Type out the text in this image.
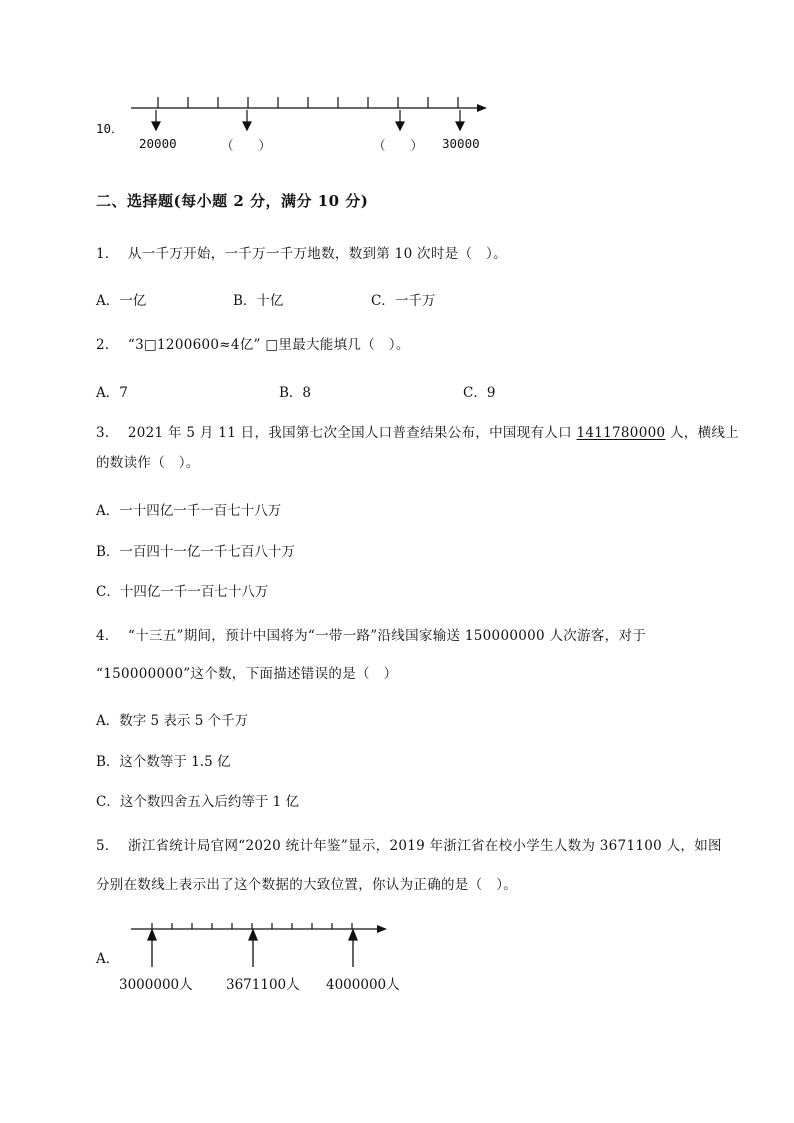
10．
20000	（　　）	（　　） 30000
二、选择题(每小题 2 分，满分 10 分)
1． 从一千万开始，一千万一千万地数，数到第 10 次时是（　）。
A．一亿	B．十亿	C．一千万
2． “3□1200600≈4亿” □里最大能填几（　）。
A．7	B．8	C．9
3． 2021 年 5 月 11 日，我国第七次全国人口普查结果公布，中国现有人口 1411780000 人，横线上
的数读作（　）。
A．一十四亿一千一百七十八万
B．一百四十一亿一千七百八十万
C．十四亿一千一百七十八万
4． “十三五”期间，预计中国将为“一带一路”沿线国家输送 150000000 人次游客，对于
“150000000”这个数，下面描述错误的是（　）
A．数字 5 表示 5 个千万
B．这个数等于 1.5 亿
C．这个数四舍五入后约等于 1 亿
5． 浙江省统计局官网“2020 统计年鉴”显示，2019 年浙江省在校小学生人数为 3671100 人，如图
分别在数线上表示出了这个数据的大致位置，你认为正确的是（　）。
A．
3000000人 3671100人 4000000人
